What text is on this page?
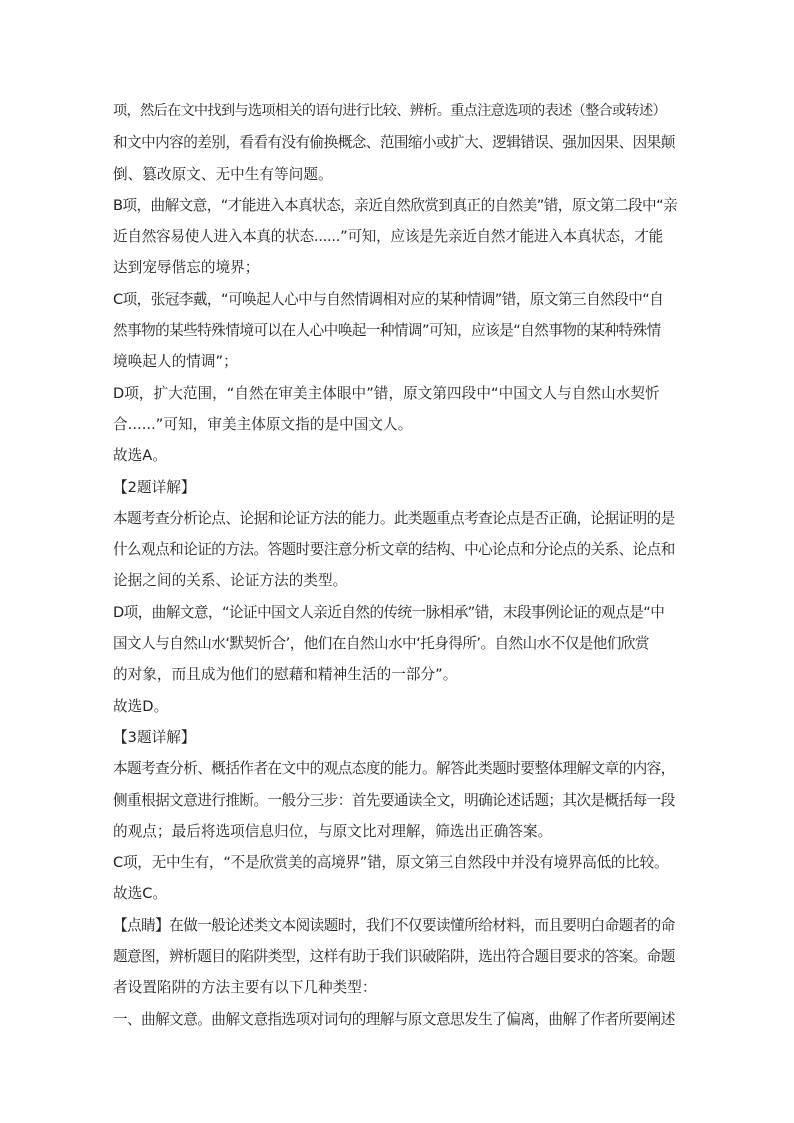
项，然后在文中找到与选项相关的语句进行比较、辨析。重点注意选项的表述（整合或转述）
和文中内容的差别，看看有没有偷换概念、范围缩小或扩大、逻辑错误、强加因果、因果颠
倒、篡改原文、无中生有等问题。
B项，曲解文意，“才能进入本真状态，亲近自然欣赏到真正的自然美”错，原文第二段中“亲
近自然容易使人进入本真的状态......”可知，应该是先亲近自然才能进入本真状态，才能
达到宠辱偕忘的境界；
C项，张冠李戴，“可唤起人心中与自然情调相对应的某种情调”错，原文第三自然段中“自
然事物的某些特殊情境可以在人心中唤起一种情调”可知，应该是“自然事物的某种特殊情
境唤起人的情调”；
D项，扩大范围，“自然在审美主体眼中”错，原文第四段中“中国文人与自然山水契忻
合......”可知，审美主体原文指的是中国文人。
故选A。
【2题详解】
本题考查分析论点、论据和论证方法的能力。此类题重点考查论点是否正确，论据证明的是
什么观点和论证的方法。答题时要注意分析文章的结构、中心论点和分论点的关系、论点和
论据之间的关系、论证方法的类型。
D项，曲解文意，“论证中国文人亲近自然的传统一脉相承”错，末段事例论证的观点是“中
国文人与自然山水‘默契忻合’，他们在自然山水中‘托身得所’。自然山水不仅是他们欣赏
的对象，而且成为他们的慰藉和精神生活的一部分”。
故选D。
【3题详解】
本题考查分析、概括作者在文中的观点态度的能力。解答此类题时要整体理解文章的内容，
侧重根据文意进行推断。一般分三步：首先要通读全文，明确论述话题；其次是概括每一段
的观点；最后将选项信息归位，与原文比对理解，筛选出正确答案。
C项，无中生有，“不是欣赏美的高境界”错，原文第三自然段中并没有境界高低的比较。
故选C。
【点睛】在做一般论述类文本阅读题时，我们不仅要读懂所给材料，而且要明白命题者的命
题意图，辨析题目的陷阱类型，这样有助于我们识破陷阱，选出符合题目要求的答案。命题
者设置陷阱的方法主要有以下几种类型：
一、曲解文意。曲解文意指选项对词句的理解与原文意思发生了偏离，曲解了作者所要阐述
